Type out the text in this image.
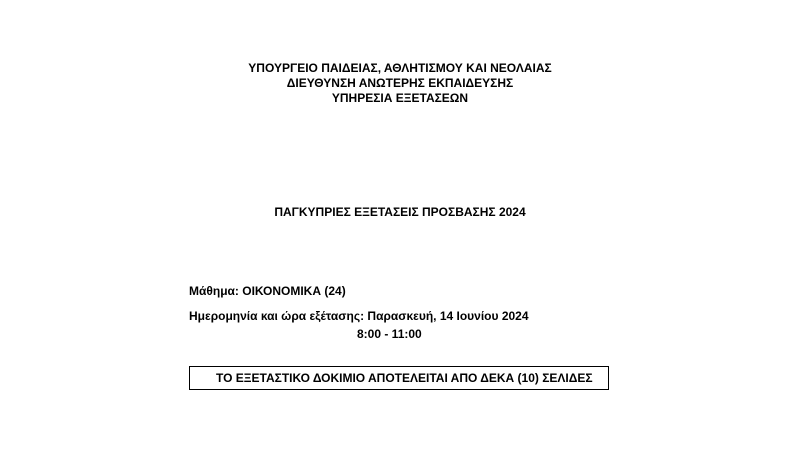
ΥΠΟΥΡΓΕΙΟ ΠΑΙΔΕΙΑΣ, ΑΘΛΗΤΙΣΜΟΥ ΚΑΙ ΝΕΟΛΑΙΑΣ
ΔΙΕΥΘΥΝΣΗ ΑΝΩΤΕΡΗΣ ΕΚΠΑΙΔΕΥΣΗΣ
ΥΠΗΡΕΣΙΑ ΕΞΕΤΑΣΕΩΝ
ΠΑΓΚΥΠΡΙΕΣ ΕΞΕΤΑΣΕΙΣ ΠΡΟΣΒΑΣΗΣ 2024
Μάθημα: ΟΙΚΟΝΟΜΙΚΑ (24)
Ημερομηνία και ώρα εξέτασης: Παρασκευή, 14 Ιουνίου 2024
8:00 - 11:00
ΤΟ ΕΞΕΤΑΣΤΙΚΟ ΔΟΚΙΜΙΟ ΑΠΟΤΕΛΕΙΤΑΙ ΑΠΟ ΔΕΚΑ (10) ΣΕΛΙΔΕΣ
